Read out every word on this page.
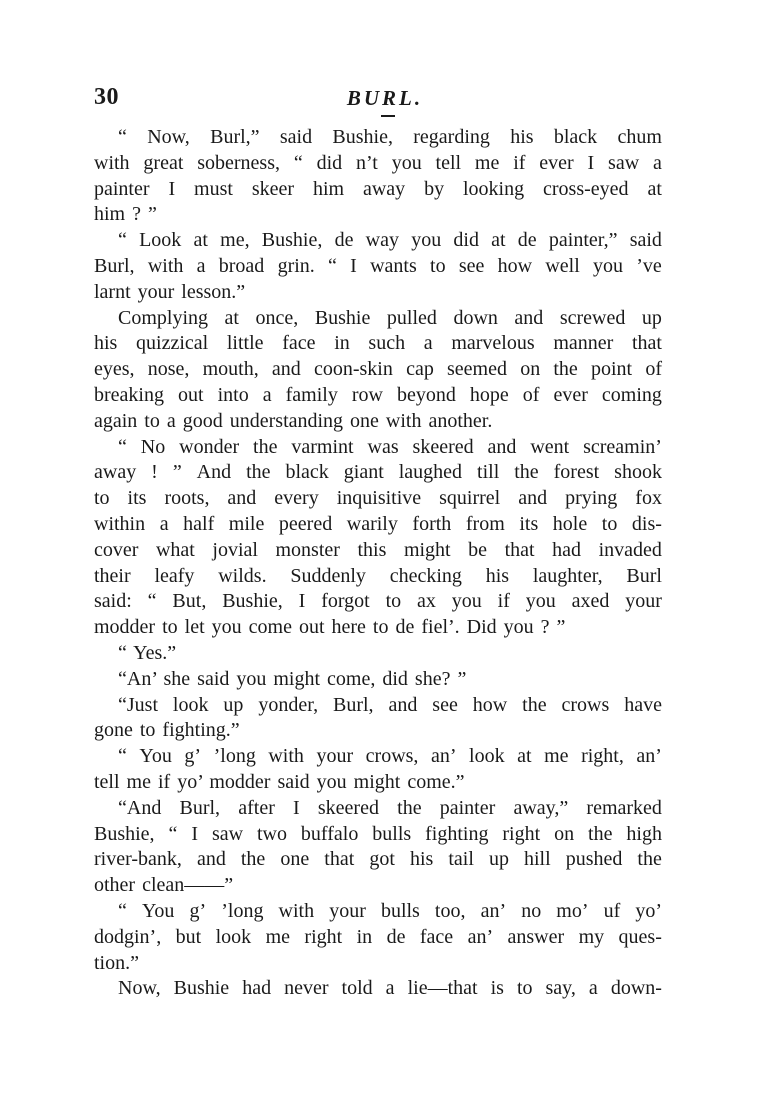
30	BURL.
“ Now, Burl,” said Bushie, regarding his black chum
with great soberness, “ did n’t you tell me if ever I saw a
painter I must skeer him away by looking cross-eyed at
him ? ”
“ Look at me, Bushie, de way you did at de painter,” said
Burl, with a broad grin. “ I wants to see how well you ’ve
larnt your lesson.”
Complying at once, Bushie pulled down and screwed up
his quizzical little face in such a marvelous manner that
eyes, nose, mouth, and coon-skin cap seemed on the point of
breaking out into a family row beyond hope of ever coming
again to a good understanding one with another.
“ No wonder the varmint was skeered and went screamin’
away ! ” And the black giant laughed till the forest shook
to its roots, and every inquisitive squirrel and prying fox
within a half mile peered warily forth from its hole to dis-
cover what jovial monster this might be that had invaded
their leafy wilds. Suddenly checking his laughter, Burl
said: “ But, Bushie, I forgot to ax you if you axed your
modder to let you come out here to de fiel’. Did you ? ”
“ Yes.”
“An’ she said you might come, did she? ”
“Just look up yonder, Burl, and see how the crows have
gone to fighting.”
“ You g’ ’long with your crows, an’ look at me right, an’
tell me if yo’ modder said you might come.”
“And Burl, after I skeered the painter away,” remarked
Bushie, “ I saw two buffalo bulls fighting right on the high
river-bank, and the one that got his tail up hill pushed the
other clean——”
“ You g’ ’long with your bulls too, an’ no mo’ uf yo’
dodgin’, but look me right in de face an’ answer my ques-
tion.”
Now, Bushie had never told a lie—that is to say, a down-
